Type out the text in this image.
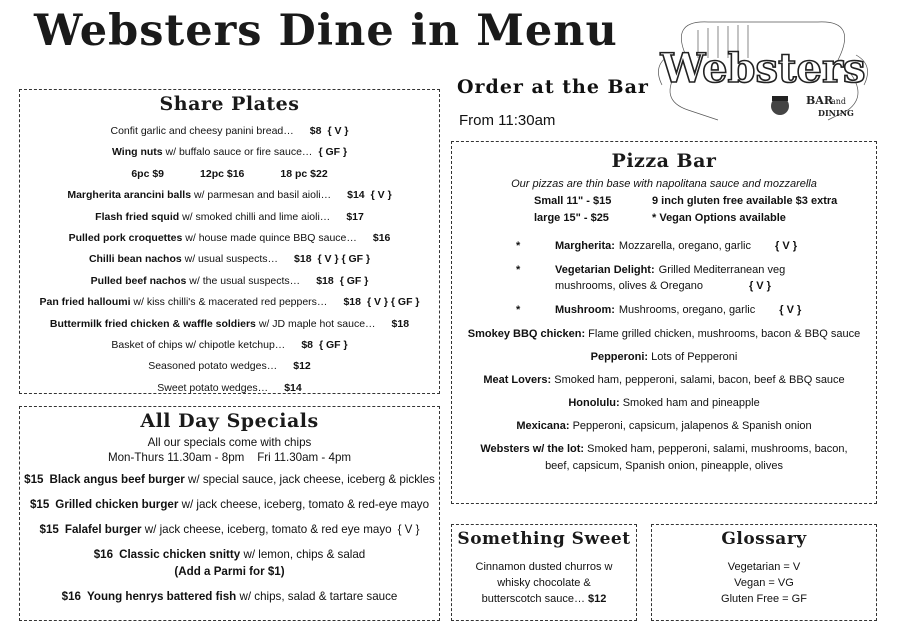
Websters Dine in Menu
Order at the Bar
From 11:30am
Websters
BAR
and
DINING
Share Plates
Confit garlic and cheesy panini bread… $8 { V }
Wing nuts w/ buffalo sauce or fire sauce… { GF }
6pc $9	12pc $16	18 pc $22
Margherita arancini balls w/ parmesan and basil aioli… $14 { V }
Flash fried squid w/ smoked chilli and lime aioli… $17
Pulled pork croquettes w/ house made quince BBQ sauce… $16
Chilli bean nachos w/ usual suspects… $18 { V } { GF }
Pulled beef nachos w/ the usual suspects… $18 { GF }
Pan fried halloumi w/ kiss chilli's & macerated red peppers… $18 { V } { GF }
Buttermilk fried chicken & waffle soldiers w/ JD maple hot sauce… $18
Basket of chips w/ chipotle ketchup… $8 { GF }
Seasoned potato wedges… $12
Sweet potato wedges… $14
All Day Specials
All our specials come with chips
Mon-Thurs 11.30am - 8pm    Fri 11.30am - 4pm
$15 Black angus beef burger w/ special sauce, jack cheese, iceberg & pickles
$15 Grilled chicken burger w/ jack cheese, iceberg, tomato & red-eye mayo
$15 Falafel burger w/ jack cheese, iceberg, tomato & red eye mayo { V }
$16 Classic chicken snitty w/ lemon, chips & salad
(Add a Parmi for $1)
$16 Young henrys battered fish w/ chips, salad & tartare sauce
Pizza Bar
Our pizzas are thin base with napolitana sauce and mozzarella
Small 11" - $15
large 15" - $25
9 inch gluten free available $3 extra
* Vegan Options available
*	Margherita: Mozzarella, oregano, garlic { V }
*	Vegetarian Delight: Grilled Mediterranean veg
mushrooms, olives & Oregano	{ V }
*	Mushroom: Mushrooms, oregano, garlic { V }
Smokey BBQ chicken: Flame grilled chicken, mushrooms, bacon & BBQ sauce
Pepperoni: Lots of Pepperoni
Meat Lovers: Smoked ham, pepperoni, salami, bacon, beef & BBQ sauce
Honolulu: Smoked ham and pineapple
Mexicana: Pepperoni, capsicum, jalapenos & Spanish onion
Websters w/ the lot: Smoked ham, pepperoni, salami, mushrooms, bacon,
beef, capsicum, Spanish onion, pineapple, olives
Something Sweet
Cinnamon dusted churros w
whisky chocolate &
butterscotch sauce… $12
Glossary
Vegetarian = V
Vegan = VG
Gluten Free = GF
